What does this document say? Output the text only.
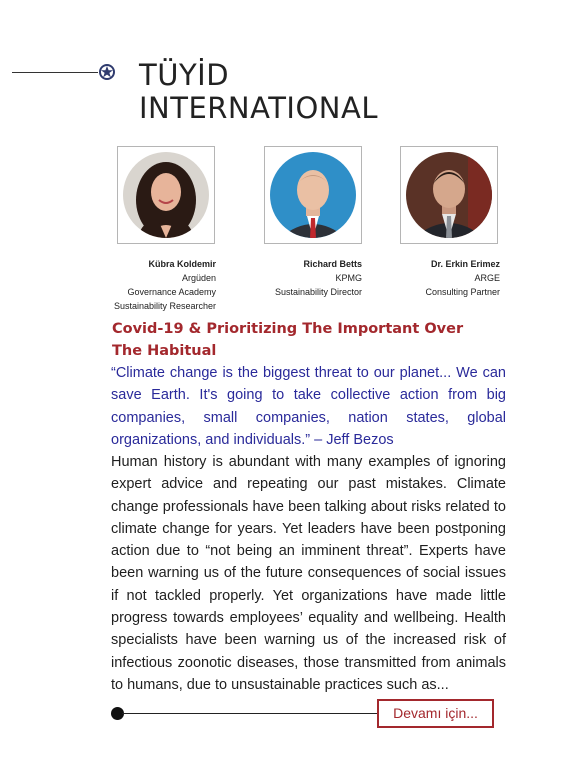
TÜYİD
INTERNATIONAL
Kübra Koldemir
Argüden
Governance Academy
Sustainability Researcher
Richard Betts
KPMG
Sustainability Director
Dr. Erkin Erimez
ARGE
Consulting Partner
Covid-19 & Prioritizing The Important Over The Habitual

“Climate change is the biggest threat to our planet... We can save Earth. It's going to take collective action from big companies, small companies, nation states, global organizations, and individuals.” – Jeff Bezos

Human history is abundant with many examples of ignoring expert advice and repeating our past mistakes. Climate change professionals have been talking about risks related to climate change for years. Yet leaders have been postponing action due to “not being an imminent threat”. Experts have been warning us of the future consequences of social issues if not tackled properly. Yet organizations have made little progress towards employees’ equality and wellbeing. Health specialists have been warning us of the increased risk of infectious zoonotic diseases, those transmitted from animals to humans, due to unsustainable practices such as...

Devamı için...
